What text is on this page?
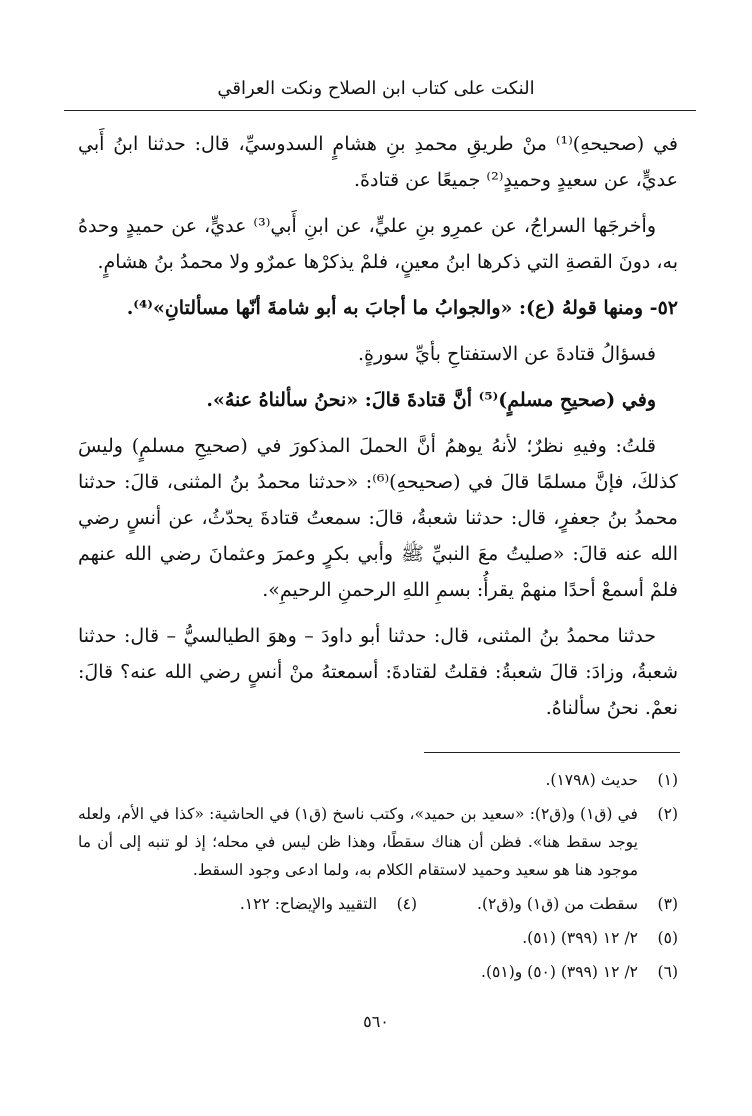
النكت على كتاب ابن الصلاح ونكت العراقي

في (صحيحهِ)⁽¹⁾ منْ طريقِ محمدِ بنِ هشامٍ السدوسيِّ، قال: حدثنا ابنُ أَبي عديٍّ، عن سعيدٍ وحميدٍ⁽²⁾ جميعًا عن قتادةَ.

وأخرجَها السراجُ، عن عمرِو بنِ عليٍّ، عن ابنِ أَبي⁽³⁾ عديٍّ، عن حميدٍ وحدهُ به، دونَ القصةِ التي ذكرها ابنُ معينٍ، فلمْ يذكرْها عمرٌو ولا محمدُ بنُ هشامٍ.

٥٢- ومنها قولهُ (ع): «والجوابُ ما أجابَ به أبو شامةَ أنّها مسألتانِ»⁽⁴⁾.

فسؤالُ قتادةَ عن الاستفتاحِ بأيِّ سورةٍ.

وفي (صحيحِ مسلمٍ)⁽⁵⁾ أنَّ قتادةَ قالَ: «نحنُ سألناهُ عنهُ».

قلتُ: وفيهِ نظرٌ؛ لأنهُ يوهمُ أنَّ الحملَ المذكورَ في (صحيحِ مسلمٍ) وليسَ كذلكَ، فإنَّ مسلمًا قالَ في (صحيحهِ)⁽⁶⁾: «حدثنا محمدُ بنُ المثنى، قالَ: حدثنا محمدُ بنُ جعفرٍ، قال: حدثنا شعبةُ، قالَ: سمعتُ قتادةَ يحدّثُ، عن أنسٍ رضي الله عنه قالَ: «صليتُ معَ النبيِّ ﷺ وأبي بكرٍ وعمرَ وعثمانَ رضي الله عنهم فلمْ أسمعْ أحدًا منهمْ يقرأُ: بسمِ اللهِ الرحمنِ الرحيمِ».

حدثنا محمدُ بنُ المثنى، قال: حدثنا أبو داودَ – وهوَ الطيالسيُّ – قال: حدثنا شعبةُ، وزادَ: قالَ شعبةُ: فقلتُ لقتادةَ: أسمعتهُ منْ أنسٍ رضي الله عنه؟ قالَ: نعمْ. نحنُ سألناهُ.

(١)
حديث (١٧٩٨).
(٢)
في (ق١) و(ق٢): «سعيد بن حميد»، وكتب ناسخ (ق١) في الحاشية: «كذا في الأم، ولعله يوجد سقط هنا». فظن أن هناك سقطًا، وهذا ظن ليس في محله؛ إذ لو تنبه إلى أن ما موجود هنا هو سعيد وحميد لاستقام الكلام به، ولما ادعى وجود السقط.
(٣)
سقطت من (ق١) و(ق٢).
(٤)
التقييد والإيضاح: ١٢٢.
(٥)
٢/ ١٢ (٣٩٩) (٥١).
(٦)
٢/ ١٢ (٣٩٩) (٥٠) و(٥١).
٥٦٠
